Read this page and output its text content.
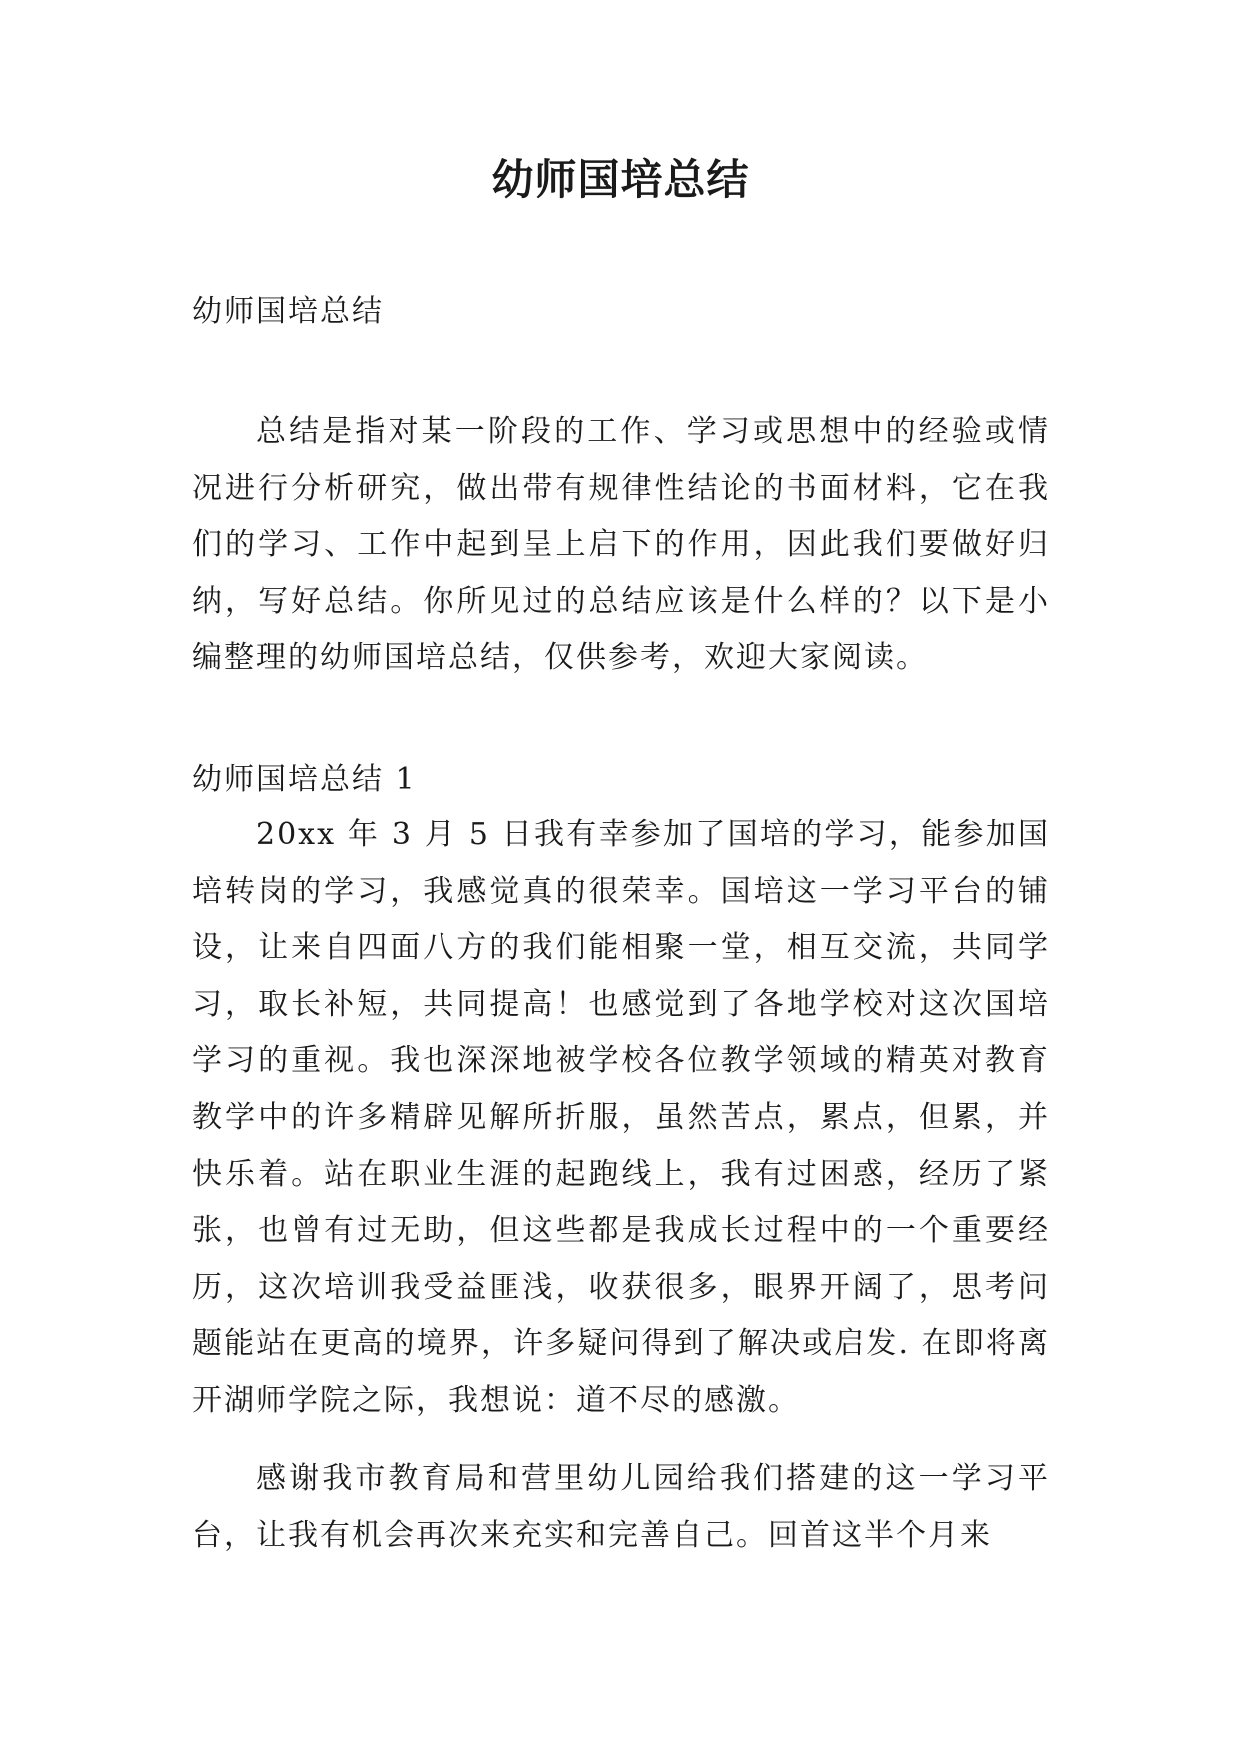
幼师国培总结
幼师国培总结

总结是指对某一阶段的工作、学习或思想中的经验或情况进行分析研究，做出带有规律性结论的书面材料，它在我们的学习、工作中起到呈上启下的作用，因此我们要做好归纳，写好总结。你所见过的总结应该是什么样的？以下是小编整理的幼师国培总结，仅供参考，欢迎大家阅读。

幼师国培总结 1

20xx 年 3 月 5 日我有幸参加了国培的学习，能参加国培转岗的学习，我感觉真的很荣幸。国培这一学习平台的铺设，让来自四面八方的我们能相聚一堂，相互交流，共同学习，取长补短，共同提高！也感觉到了各地学校对这次国培学习的重视。我也深深地被学校各位教学领域的精英对教育教学中的许多精辟见解所折服，虽然苦点，累点，但累，并快乐着。站在职业生涯的起跑线上，我有过困惑，经历了紧张，也曾有过无助，但这些都是我成长过程中的一个重要经历，这次培训我受益匪浅，收获很多，眼界开阔了，思考问题能站在更高的境界，许多疑问得到了解决或启发. 在即将离开湖师学院之际，我想说：道不尽的感激。

感谢我市教育局和营里幼儿园给我们搭建的这一学习平台，让我有机会再次来充实和完善自己。回首这半个月来
